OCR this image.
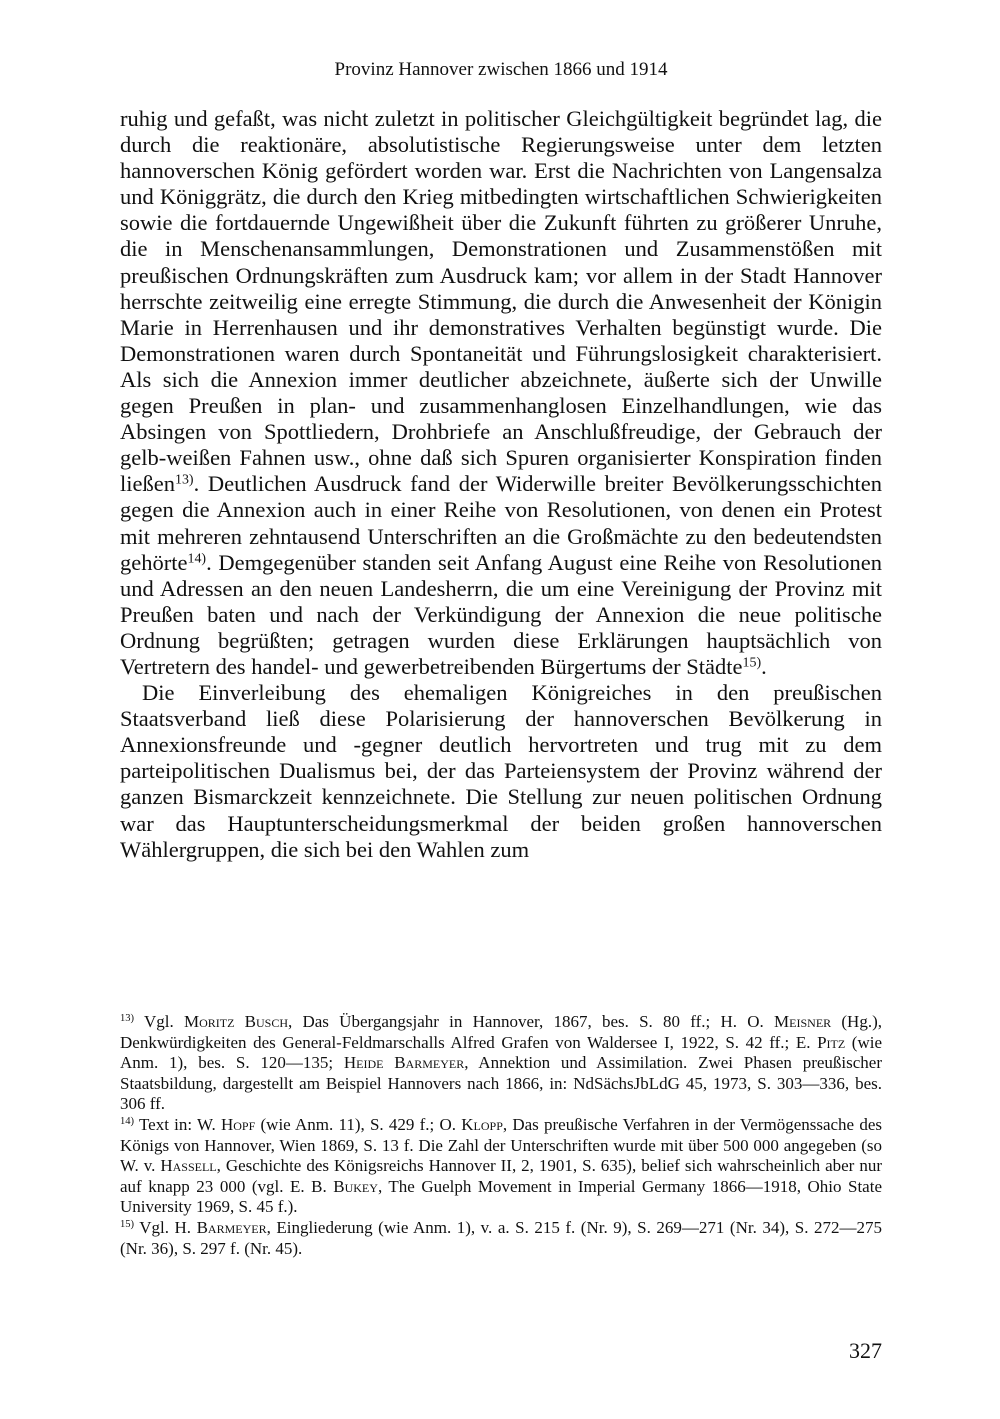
Provinz Hannover zwischen 1866 und 1914

ruhig und gefaßt, was nicht zuletzt in politischer Gleichgültigkeit begründet lag, die durch die reaktionäre, absolutistische Regierungsweise unter dem letzten hannoverschen König gefördert worden war. Erst die Nachrichten von Langensalza und Königgrätz, die durch den Krieg mitbedingten wirtschaftlichen Schwierigkeiten sowie die fortdauernde Ungewißheit über die Zukunft führten zu größerer Unruhe, die in Menschenansammlungen, Demonstrationen und Zusammenstößen mit preußischen Ordnungskräften zum Ausdruck kam; vor allem in der Stadt Hannover herrschte zeitweilig eine erregte Stimmung, die durch die Anwesenheit der Königin Marie in Herrenhausen und ihr demonstratives Verhalten begünstigt wurde. Die Demonstrationen waren durch Spontaneität und Führungslosigkeit charakterisiert. Als sich die Annexion immer deutlicher abzeichnete, äußerte sich der Unwille gegen Preußen in plan- und zusammenhanglosen Einzelhandlungen, wie das Absingen von Spottliedern, Drohbriefe an Anschlußfreudige, der Gebrauch der gelb-weißen Fahnen usw., ohne daß sich Spuren organisierter Konspiration finden ließen$^{13)}$. Deutlichen Ausdruck fand der Widerwille breiter Bevölkerungsschichten gegen die Annexion auch in einer Reihe von Resolutionen, von denen ein Protest mit mehreren zehntausend Unterschriften an die Großmächte zu den bedeutendsten gehörte$^{14)}$. Demgegenüber standen seit Anfang August eine Reihe von Resolutionen und Adressen an den neuen Landesherrn, die um eine Vereinigung der Provinz mit Preußen baten und nach der Verkündigung der Annexion die neue politische Ordnung begrüßten; getragen wurden diese Erklärungen hauptsächlich von Vertretern des handel- und gewerbetreibenden Bürgertums der Städte$^{15)}$.

Die Einverleibung des ehemaligen Königreiches in den preußischen Staatsverband ließ diese Polarisierung der hannoverschen Bevölkerung in Annexionsfreunde und -gegner deutlich hervortreten und trug mit zu dem parteipolitischen Dualismus bei, der das Parteiensystem der Provinz während der ganzen Bismarckzeit kennzeichnete. Die Stellung zur neuen politischen Ordnung war das Hauptunterscheidungsmerkmal der beiden großen hannoverschen Wählergruppen, die sich bei den Wahlen zum

$^{13)}$ Vgl. Moritz Busch, Das Übergangsjahr in Hannover, 1867, bes. S. 80 ff.; H. O. Meisner (Hg.), Denkwürdigkeiten des General-Feldmarschalls Alfred Grafen von Waldersee I, 1922, S. 42 ff.; E. Pitz (wie Anm. 1), bes. S. 120—135; Heide Barmeyer, Annektion und Assimilation. Zwei Phasen preußischer Staatsbildung, dargestellt am Beispiel Hannovers nach 1866, in: NdSächsJbLdG 45, 1973, S. 303—336, bes. 306 ff.

$^{14)}$ Text in: W. Hopf (wie Anm. 11), S. 429 f.; O. Klopp, Das preußische Verfahren in der Vermögenssache des Königs von Hannover, Wien 1869, S. 13 f. Die Zahl der Unterschriften wurde mit über 500 000 angegeben (so W. v. Hassell, Geschichte des Königsreichs Hannover II, 2, 1901, S. 635), belief sich wahrscheinlich aber nur auf knapp 23 000 (vgl. E. B. Bukey, The Guelph Movement in Imperial Germany 1866—1918, Ohio State University 1969, S. 45 f.).

$^{15)}$ Vgl. H. Barmeyer, Eingliederung (wie Anm. 1), v. a. S. 215 f. (Nr. 9), S. 269—271 (Nr. 34), S. 272—275 (Nr. 36), S. 297 f. (Nr. 45).

327
